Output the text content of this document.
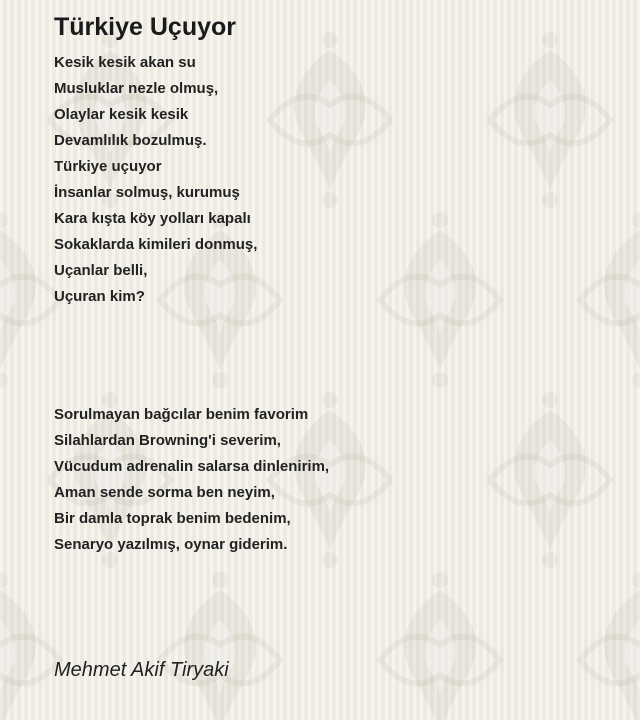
Türkiye Uçuyor
Kesik kesik akan su
Musluklar nezle olmuş,
Olaylar kesik kesik
Devamlılık bozulmuş.
Türkiye uçuyor
İnsanlar solmuş, kurumuş
Kara kışta köy yolları kapalı
Sokaklarda kimileri donmuş,
Uçanlar belli,
Uçuran kim?
Sorulmayan bağcılar benim favorim
Silahlardan Browning'i severim,
Vücudum adrenalin salarsa dinlenirim,
Aman sende sorma ben neyim,
Bir damla toprak benim bedenim,
Senaryo yazılmış, oynar giderim.
Mehmet Akif Tiryaki
